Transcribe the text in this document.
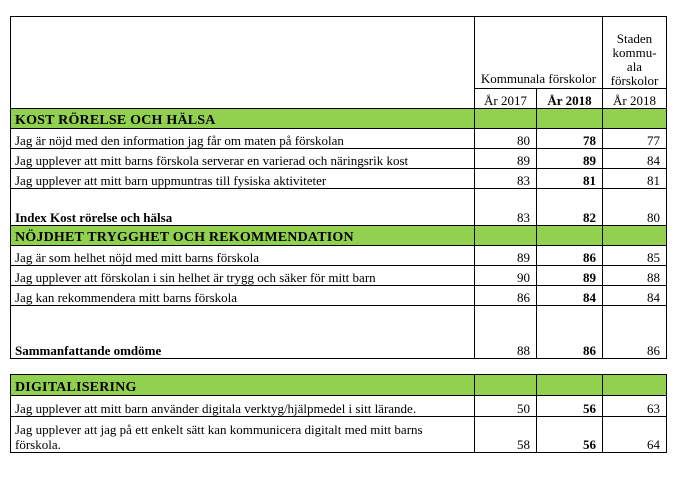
	Kommunala förskolor		Staden kommu-ala förskolor
	År 2017	År 2018	År 2018
KOST RÖRELSE OCH HÄLSA			
Jag är nöjd med den information jag får om maten på förskolan	80	78	77
Jag upplever att mitt barns förskola serverar en varierad och näringsrik kost	89	89	84
Jag upplever att mitt barn uppmuntras till fysiska aktiviteter	83	81	81
Index Kost rörelse och hälsa	83	82	80
NÖJDHET TRYGGHET OCH REKOMMENDATION			
Jag är som helhet nöjd med mitt barns förskola	89	86	85
Jag upplever att förskolan i sin helhet är trygg och säker för mitt barn	90	89	88
Jag kan rekommendera mitt barns förskola	86	84	84
Sammanfattande omdöme	88	86	86

DIGITALISERING			
Jag upplever att mitt barn använder digitala verktyg/hjälpmedel i sitt lärande.	50	56	63
Jag upplever att jag på ett enkelt sätt kan kommunicera digitalt med mitt barns förskola.	58	56	64
